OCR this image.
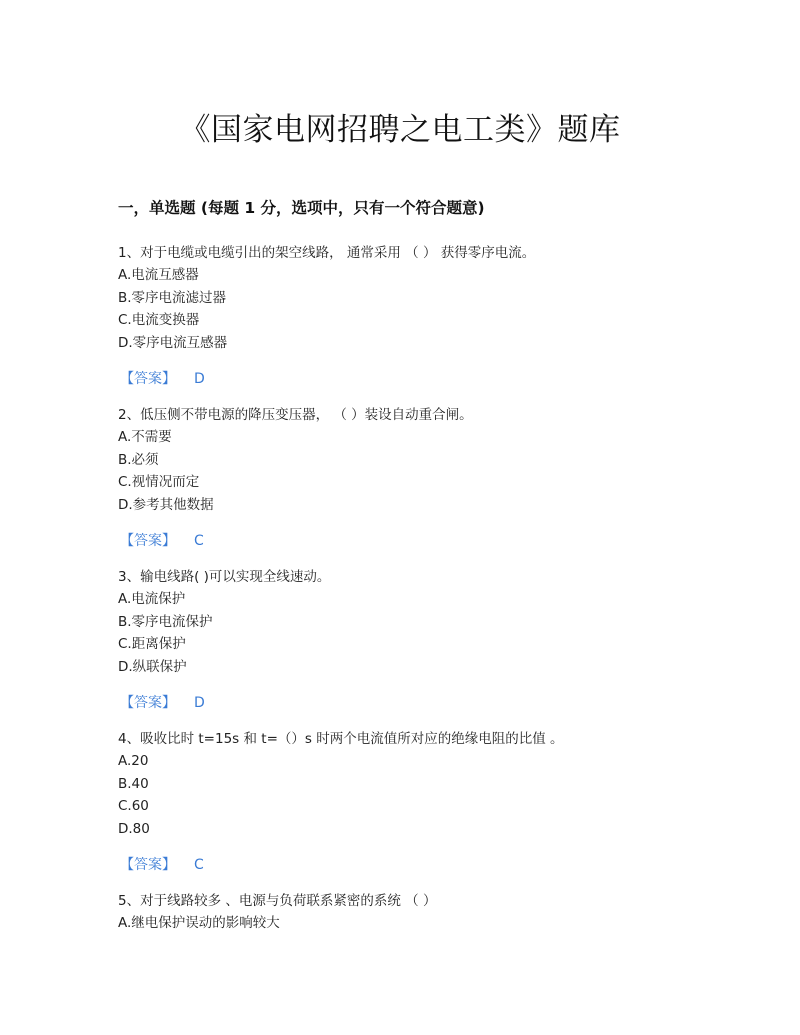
《国家电网招聘之电工类》题库
一，单选题 (每题 1 分，选项中，只有一个符合题意)
1、对于电缆或电缆引出的架空线路， 通常采用 （ ） 获得零序电流。
A.电流互感器
B.零序电流滤过器
C.电流变换器
D.零序电流互感器
【答案】 D
2、低压侧不带电源的降压变压器， （ ）装设自动重合闸。
A.不需要
B.必须
C.视情况而定
D.参考其他数据
【答案】 C
3、输电线路( )可以实现全线速动。
A.电流保护
B.零序电流保护
C.距离保护
D.纵联保护
【答案】 D
4、吸收比时 t=15s 和 t=（）s 时两个电流值所对应的绝缘电阻的比值 。
A.20
B.40
C.60
D.80
【答案】 C
5、对于线路较多 、电源与负荷联系紧密的系统 （ ）
A.继电保护误动的影响较大
